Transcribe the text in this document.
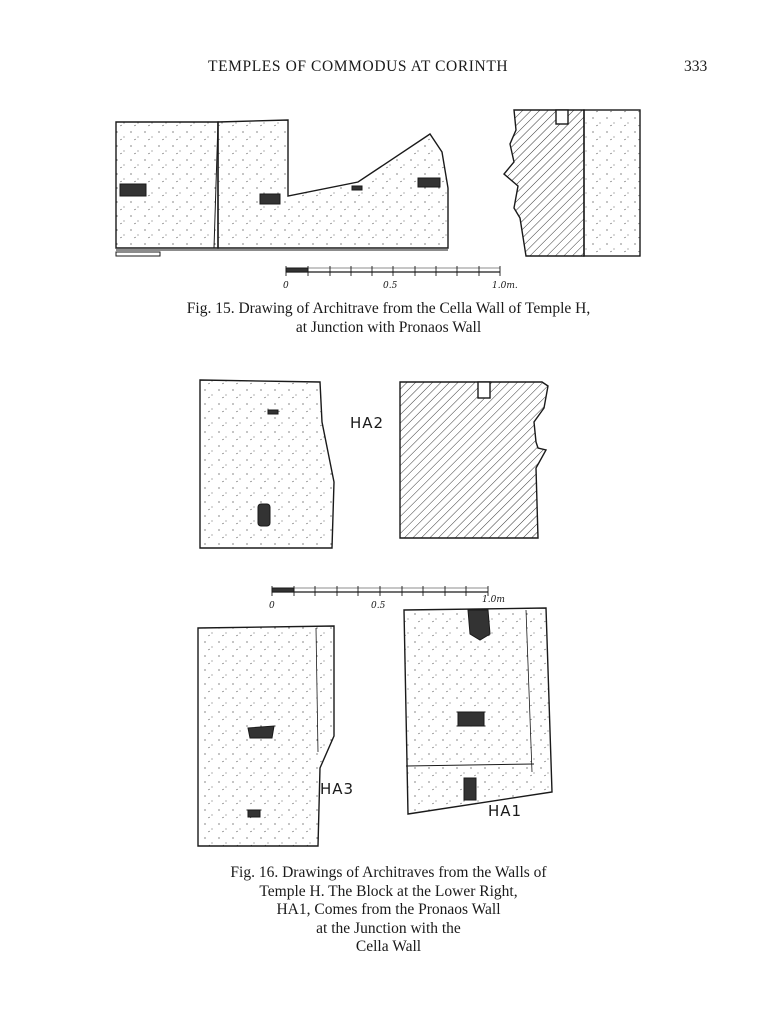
TEMPLES OF COMMODUS AT CORINTH	333
0	0.5	1.0m.
Fig. 15. Drawing of Architrave from the Cella Wall of Temple H,
at Junction with Pronaos Wall
HA2
0	0.5
1.0m
HA3
HA1
Fig. 16. Drawings of Architraves from the Walls of
Temple H. The Block at the Lower Right,
HA1, Comes from the Pronaos Wall
at the Junction with the
Cella Wall
